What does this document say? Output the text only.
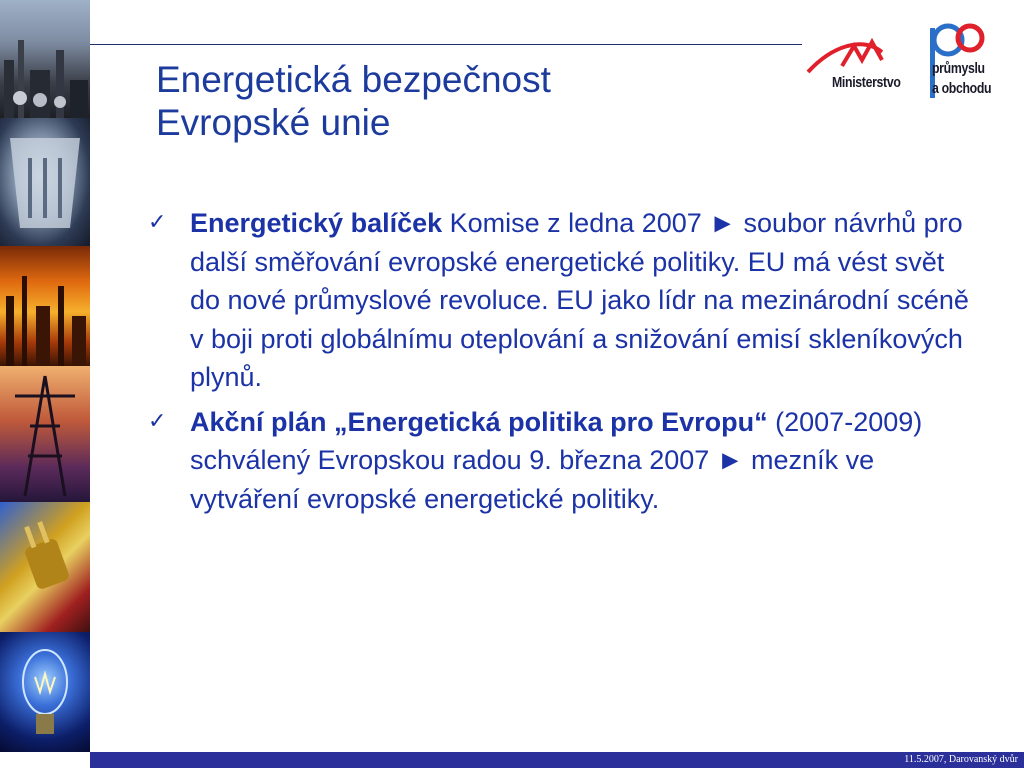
Ministerstvo
průmyslu
a obchodu
Energetická bezpečnost
Evropské unie
✓ Energetický balíček Komise z ledna 2007 ► soubor návrhů pro další směřování evropské energetické politiky. EU má vést svět do nové průmyslové revoluce. EU jako lídr na mezinárodní scéně v boji proti globálnímu oteplování a snižování emisí skleníkových plynů.
✓ Akční plán „Energetická politika pro Evropu“ (2007-2009) schválený Evropskou radou 9. března 2007 ► mezník ve vytváření evropské energetické politiky.
11.5.2007, Darovanský dvůr
